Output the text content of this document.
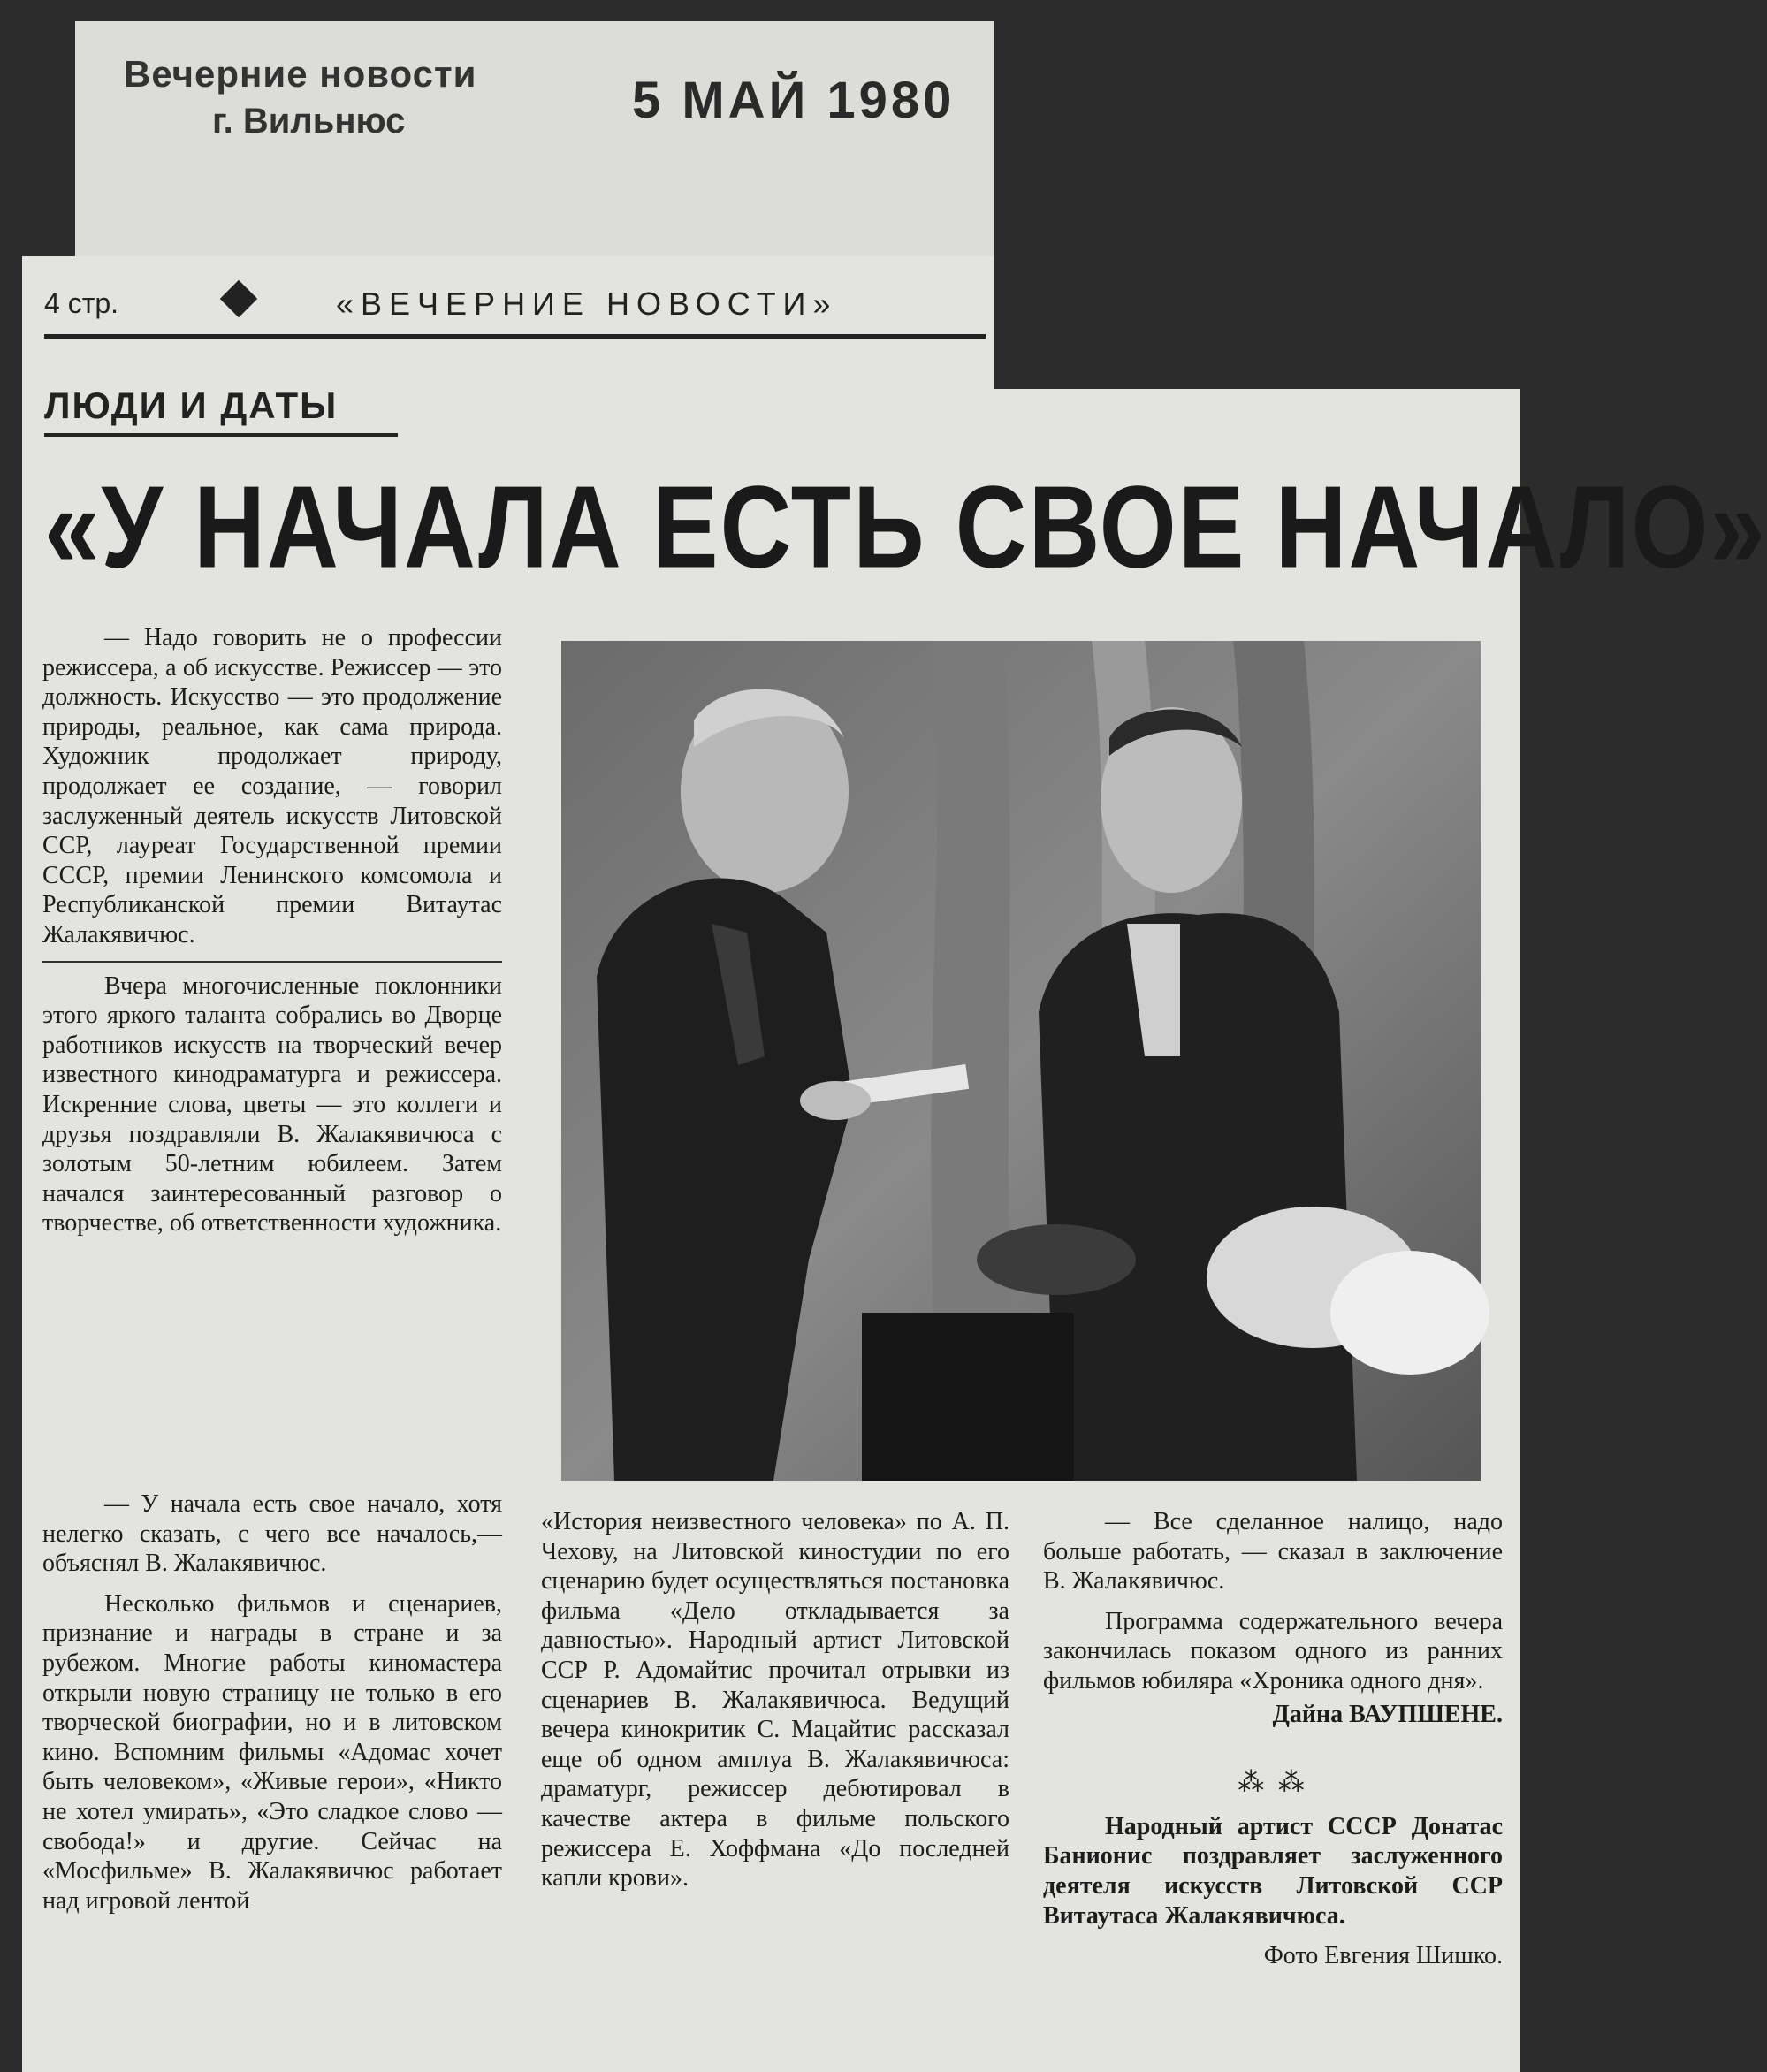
Вечерние новости
г. Вильнюс	5 МАЙ 1980
4 стр.	«ВЕЧЕРНИЕ НОВОСТИ»
ЛЮДИ И ДАТЫ
«У НАЧАЛА ЕСТЬ СВОЕ НАЧАЛО»

— Надо говорить не о профессии режиссера, а об искусстве. Режиссер — это должность. Искусство — это продолжение природы, реальное, как сама природа. Художник продолжает природу, продолжает ее создание, — говорил заслуженный деятель искусств Литовской ССР, лауреат Государственной премии СССР, премии Ленинского комсомола и Республиканской премии Витаутас Жалакявичюс.

Вчера многочисленные поклонники этого яркого таланта собрались во Дворце работников искусств на творческий вечер известного кинодраматурга и режиссера. Искренние слова, цветы — это коллеги и друзья поздравляли В. Жалакявичюса с золотым 50-летним юбилеем. Затем начался заинтересованный разговор о творчестве, об ответственности художника.

— У начала есть свое начало, хотя нелегко сказать, с чего все началось,— объяснял В. Жалакявичюс.

Несколько фильмов и сценариев, признание и награды в стране и за рубежом. Многие работы киномастера открыли новую страницу не только в его творческой биографии, но и в литовском кино. Вспомним фильмы «Адомас хочет быть человеком», «Живые герои», «Никто не хотел умирать», «Это сладкое слово — свобода!» и другие. Сейчас на «Мосфильме» В. Жалакявичюс работает над игровой лентой

«История неизвестного человека» по А. П. Чехову, на Литовской киностудии по его сценарию будет осуществляться постановка фильма «Дело откладывается за давностью». Народный артист Литовской ССР Р. Адомайтис прочитал отрывки из сценариев В. Жалакявичюса. Ведущий вечера кинокритик С. Мацайтис рассказал еще об одном амплуа В. Жалакявичюса: драматург, режиссер дебютировал в качестве актера в фильме польского режиссера Е. Хоффмана «До последней капли крови».

— Все сделанное налицо, надо больше работать, — сказал в заключение В. Жалакявичюс.

Программа содержательного вечера закончилась показом одного из ранних фильмов юбиляра «Хроника одного дня».

Дайна ВАУПШЕНЕ.

⁂ ⁂

Народный артист СССР Донатас Банионис поздравляет заслуженного деятеля искусств Литовской ССР Витаутаса Жалакявичюса.

Фото Евгения Шишко.
